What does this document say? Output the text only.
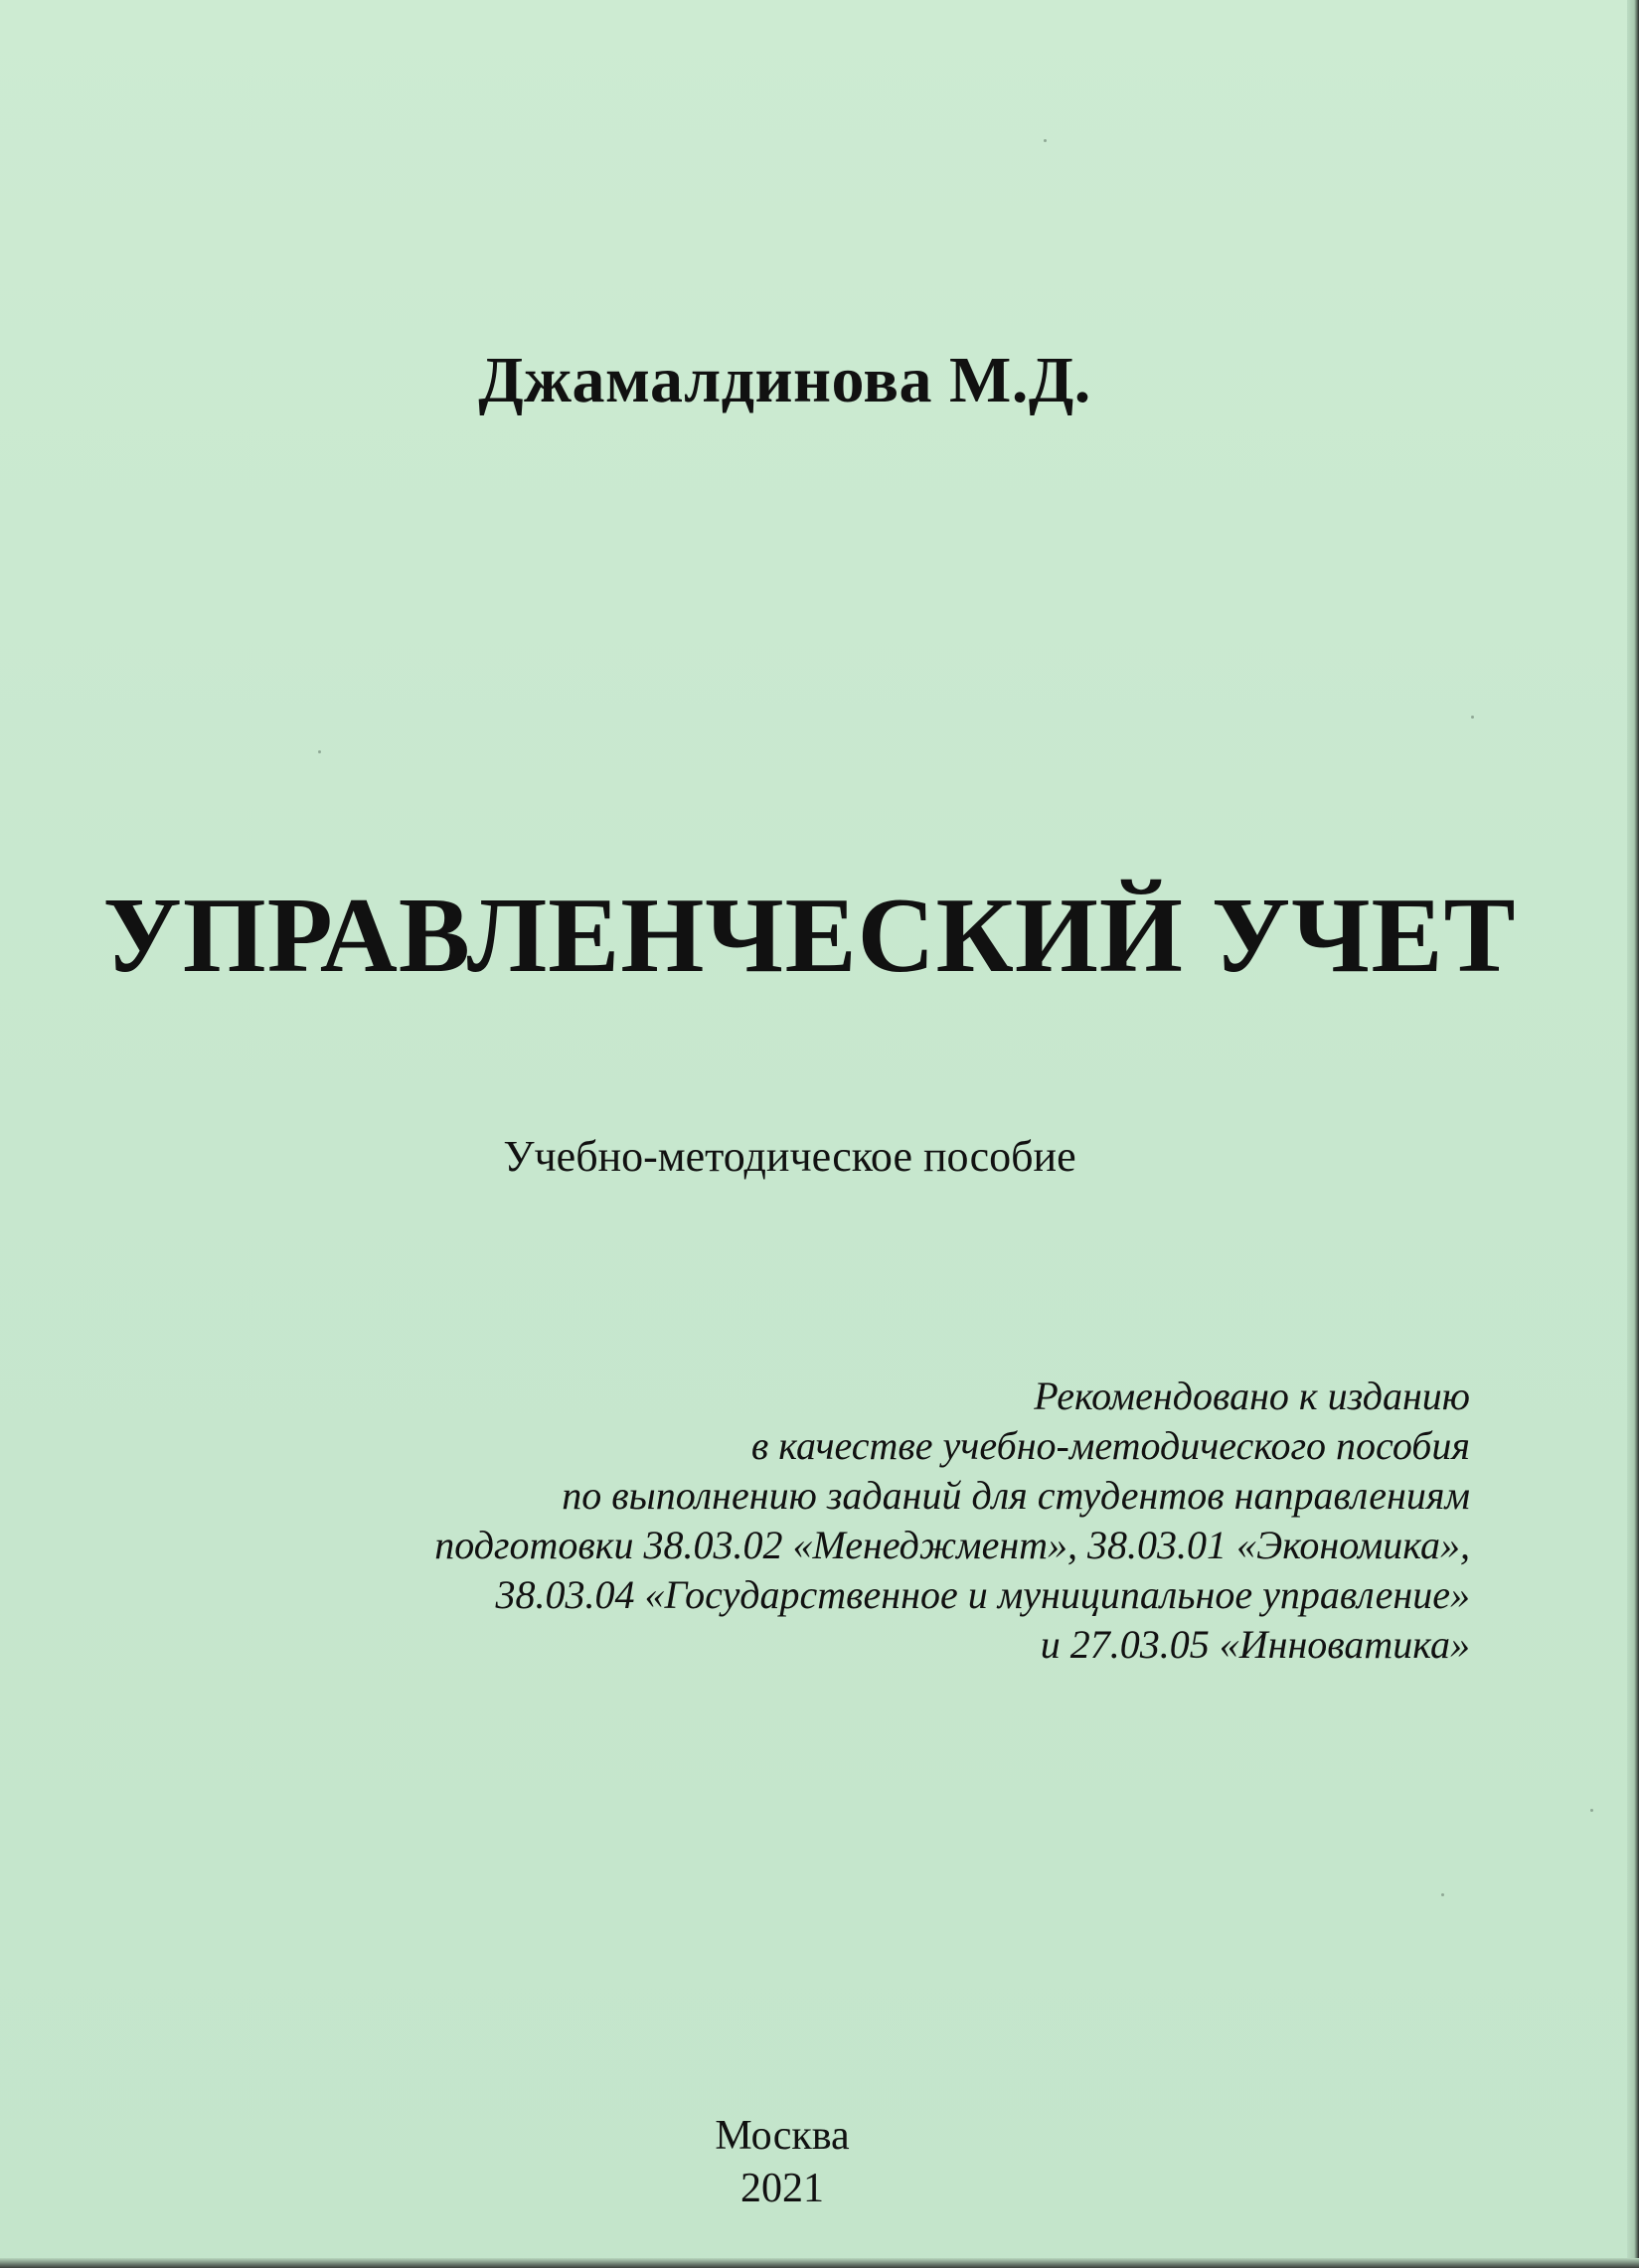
Джамалдинова М.Д.
УПРАВЛЕНЧЕСКИЙ УЧЕТ
Учебно-методическое пособие
Рекомендовано к изданию
в качестве учебно-методического пособия
по выполнению заданий для студентов направлениям
подготовки 38.03.02 «Менеджмент», 38.03.01 «Экономика»,
38.03.04 «Государственное и муниципальное управление»
и 27.03.05 «Инноватика»
Москва
2021
